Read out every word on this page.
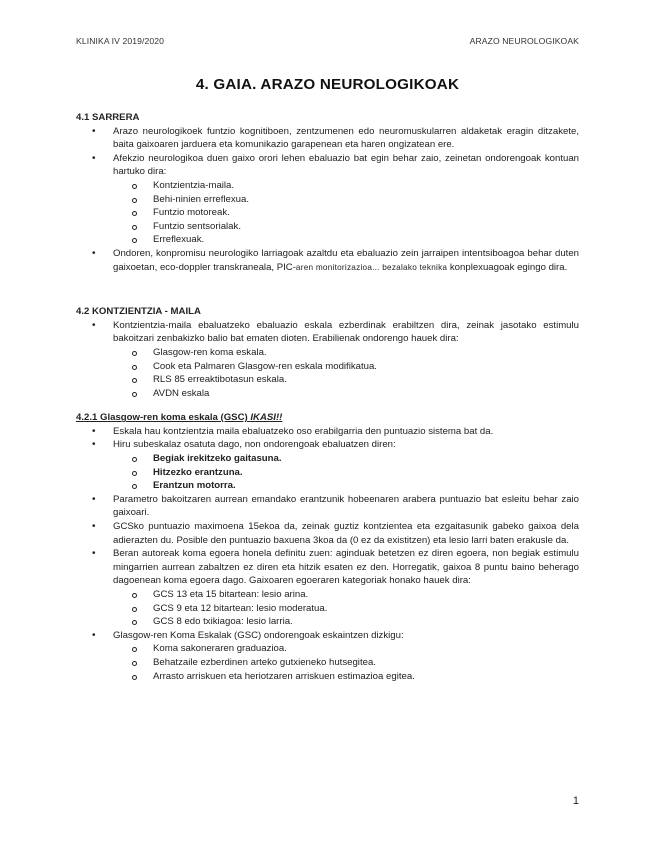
KLINIKA IV 2019/2020	ARAZO NEUROLOGIKOAK
4. GAIA. ARAZO NEUROLOGIKOAK

4.1 SARRERA

• Arazo neurologikoek funtzio kognitiboen, zentzumenen edo neuromuskularren aldaketak eragin ditzakete, baita gaixoaren jarduera eta komunikazio garapenean eta haren ongizatean ere.
• Afekzio neurologikoa duen gaixo orori lehen ebaluazio bat egin behar zaio, zeinetan ondorengoak kontuan hartuko dira:
Kontzientzia-maila.
Behi-ninien erreflexua.
Funtzio motoreak.
Funtzio sentsorialak.
Erreflexuak.
• Ondoren, konpromisu neurologiko larriagoak azaltdu eta ebaluazio zein jarraipen intentsiboagoa behar duten gaixoetan, eco-doppler transkraneala, PIC-aren monitorizazioa... bezalako teknika konplexuagoak egingo dira.

4.2 KONTZIENTZIA - MAILA

• Kontzientzia-maila ebaluatzeko ebaluazio eskala ezberdinak erabiltzen dira, zeinak jasotako estimulu bakoitzari zenbakizko balio bat ematen dioten. Erabilienak ondorengo hauek dira:
Glasgow-ren koma eskala.
Cook eta Palmaren Glasgow-ren eskala modifikatua.
RLS 85 erreaktibotasun eskala.
AVDN eskala

4.2.1 Glasgow-ren koma eskala (GSC) IKASI!!

• Eskala hau kontzientzia maila ebaluatzeko oso erabilgarria den puntuazio sistema bat da.
• Hiru subeskalaz osatuta dago, non ondorengoak ebaluatzen diren:
Begiak irekitzeko gaitasuna.
Hitzezko erantzuna.
Erantzun motorra.
• Parametro bakoitzaren aurrean emandako erantzunik hobeenaren arabera puntuazio bat esleitu behar zaio gaixoari.
• GCSko puntuazio maximoena 15ekoa da, zeinak guztiz kontzientea eta ezgaitasunik gabeko gaixoa dela adierazten du. Posible den puntuazio baxuena 3koa da (0 ez da existitzen) eta lesio larri baten erakusle da.
• Beran autoreak koma egoera honela definitu zuen: aginduak betetzen ez diren egoera, non begiak estimulu mingarrien aurrean zabaltzen ez diren eta hitzik esaten ez den. Horregatik, gaixoa 8 puntu baino beherago dagoenean koma egoera dago. Gaixoaren egoeraren kategoriak honako hauek dira:
GCS 13 eta 15 bitartean: lesio arina.
GCS 9 eta 12 bitartean: lesio moderatua.
GCS 8 edo txikiagoa: lesio larria.
• Glasgow-ren Koma Eskalak (GSC) ondorengoak eskaintzen dizkigu:
Koma sakoneraren graduazioa.
Behatzaile ezberdinen arteko gutxieneko hutsegitea.
Arrasto arriskuen eta heriotzaren arriskuen estimazioa egitea.
1
